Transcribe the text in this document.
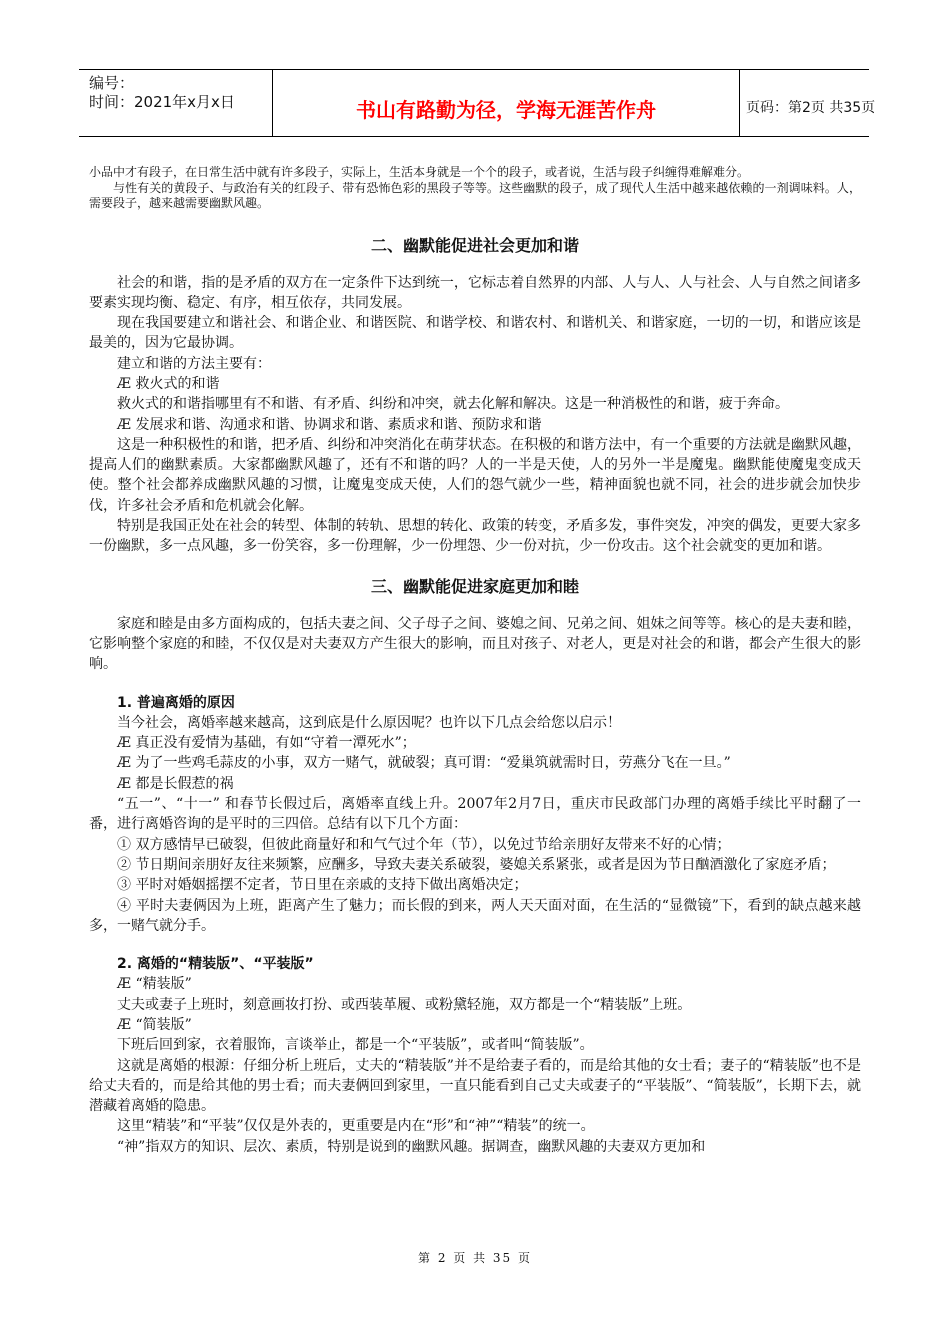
编号：
时间：2021年x月x日	书山有路勤为径，学海无涯苦作舟	页码：第2页 共35页

小品中才有段子，在日常生活中就有许多段子，实际上，生活本身就是一个个的段子，或者说，生活与段子纠缠得难解难分。

与性有关的黄段子、与政治有关的红段子、带有恐怖色彩的黑段子等等。这些幽默的段子，成了现代人生活中越来越依赖的一剂调味料。人，需要段子，越来越需要幽默风趣。

二、幽默能促进社会更加和谐

社会的和谐，指的是矛盾的双方在一定条件下达到统一，它标志着自然界的内部、人与人、人与社会、人与自然之间诸多要素实现均衡、稳定、有序，相互依存，共同发展。

现在我国要建立和谐社会、和谐企业、和谐医院、和谐学校、和谐农村、和谐机关、和谐家庭，一切的一切，和谐应该是最美的，因为它最协调。

建立和谐的方法主要有：

Æ 救火式的和谐

救火式的和谐指哪里有不和谐、有矛盾、纠纷和冲突，就去化解和解决。这是一种消极性的和谐，疲于奔命。

Æ 发展求和谐、沟通求和谐、协调求和谐、素质求和谐、预防求和谐

这是一种积极性的和谐，把矛盾、纠纷和冲突消化在萌芽状态。在积极的和谐方法中，有一个重要的方法就是幽默风趣，提高人们的幽默素质。大家都幽默风趣了，还有不和谐的吗？人的一半是天使，人的另外一半是魔鬼。幽默能使魔鬼变成天使。整个社会都养成幽默风趣的习惯，让魔鬼变成天使，人们的怨气就少一些，精神面貌也就不同，社会的进步就会加快步伐，许多社会矛盾和危机就会化解。

特别是我国正处在社会的转型、体制的转轨、思想的转化、政策的转变，矛盾多发，事件突发，冲突的偶发，更要大家多一份幽默，多一点风趣，多一份笑容，多一份理解，少一份埋怨、少一份对抗，少一份攻击。这个社会就变的更加和谐。

三、幽默能促进家庭更加和睦

家庭和睦是由多方面构成的，包括夫妻之间、父子母子之间、婆媳之间、兄弟之间、姐妹之间等等。核心的是夫妻和睦，它影响整个家庭的和睦，不仅仅是对夫妻双方产生很大的影响，而且对孩子、对老人，更是对社会的和谐，都会产生很大的影响。

1. 普遍离婚的原因

当今社会，离婚率越来越高，这到底是什么原因呢？也许以下几点会给您以启示！

Æ 真正没有爱情为基础，有如“守着一潭死水”；

Æ 为了一些鸡毛蒜皮的小事，双方一赌气，就破裂；真可谓：“爱巢筑就需时日，劳燕分飞在一旦。”

Æ 都是长假惹的祸

“五一”、“十一” 和春节长假过后，离婚率直线上升。2007年2月7日，重庆市民政部门办理的离婚手续比平时翻了一番，进行离婚咨询的是平时的三四倍。总结有以下几个方面：

① 双方感情早已破裂，但彼此商量好和和气气过个年（节），以免过节给亲朋好友带来不好的心情；

② 节日期间亲朋好友往来频繁，应酬多，导致夫妻关系破裂，婆媳关系紧张，或者是因为节日酗酒激化了家庭矛盾；

③ 平时对婚姻摇摆不定者，节日里在亲戚的支持下做出离婚决定；

④ 平时夫妻俩因为上班，距离产生了魅力；而长假的到来，两人天天面对面，在生活的“显微镜”下，看到的缺点越来越多，一赌气就分手。

2. 离婚的“精装版”、“平装版”

Æ “精装版”

丈夫或妻子上班时，刻意画妆打扮、或西装革履、或粉黛轻施，双方都是一个“精装版”上班。

Æ “简装版”

下班后回到家，衣着服饰，言谈举止，都是一个“平装版”，或者叫“简装版”。

这就是离婚的根源：仔细分析上班后，丈夫的“精装版”并不是给妻子看的，而是给其他的女士看；妻子的“精装版”也不是给丈夫看的，而是给其他的男士看；而夫妻俩回到家里，一直只能看到自己丈夫或妻子的“平装版”、“简装版”，长期下去，就潜藏着离婚的隐患。

这里“精装”和“平装”仅仅是外表的，更重要是内在“形”和“神”“精装”的统一。

“神”指双方的知识、层次、素质，特别是说到的幽默风趣。据调查，幽默风趣的夫妻双方更加和

第 2 页 共 35 页
